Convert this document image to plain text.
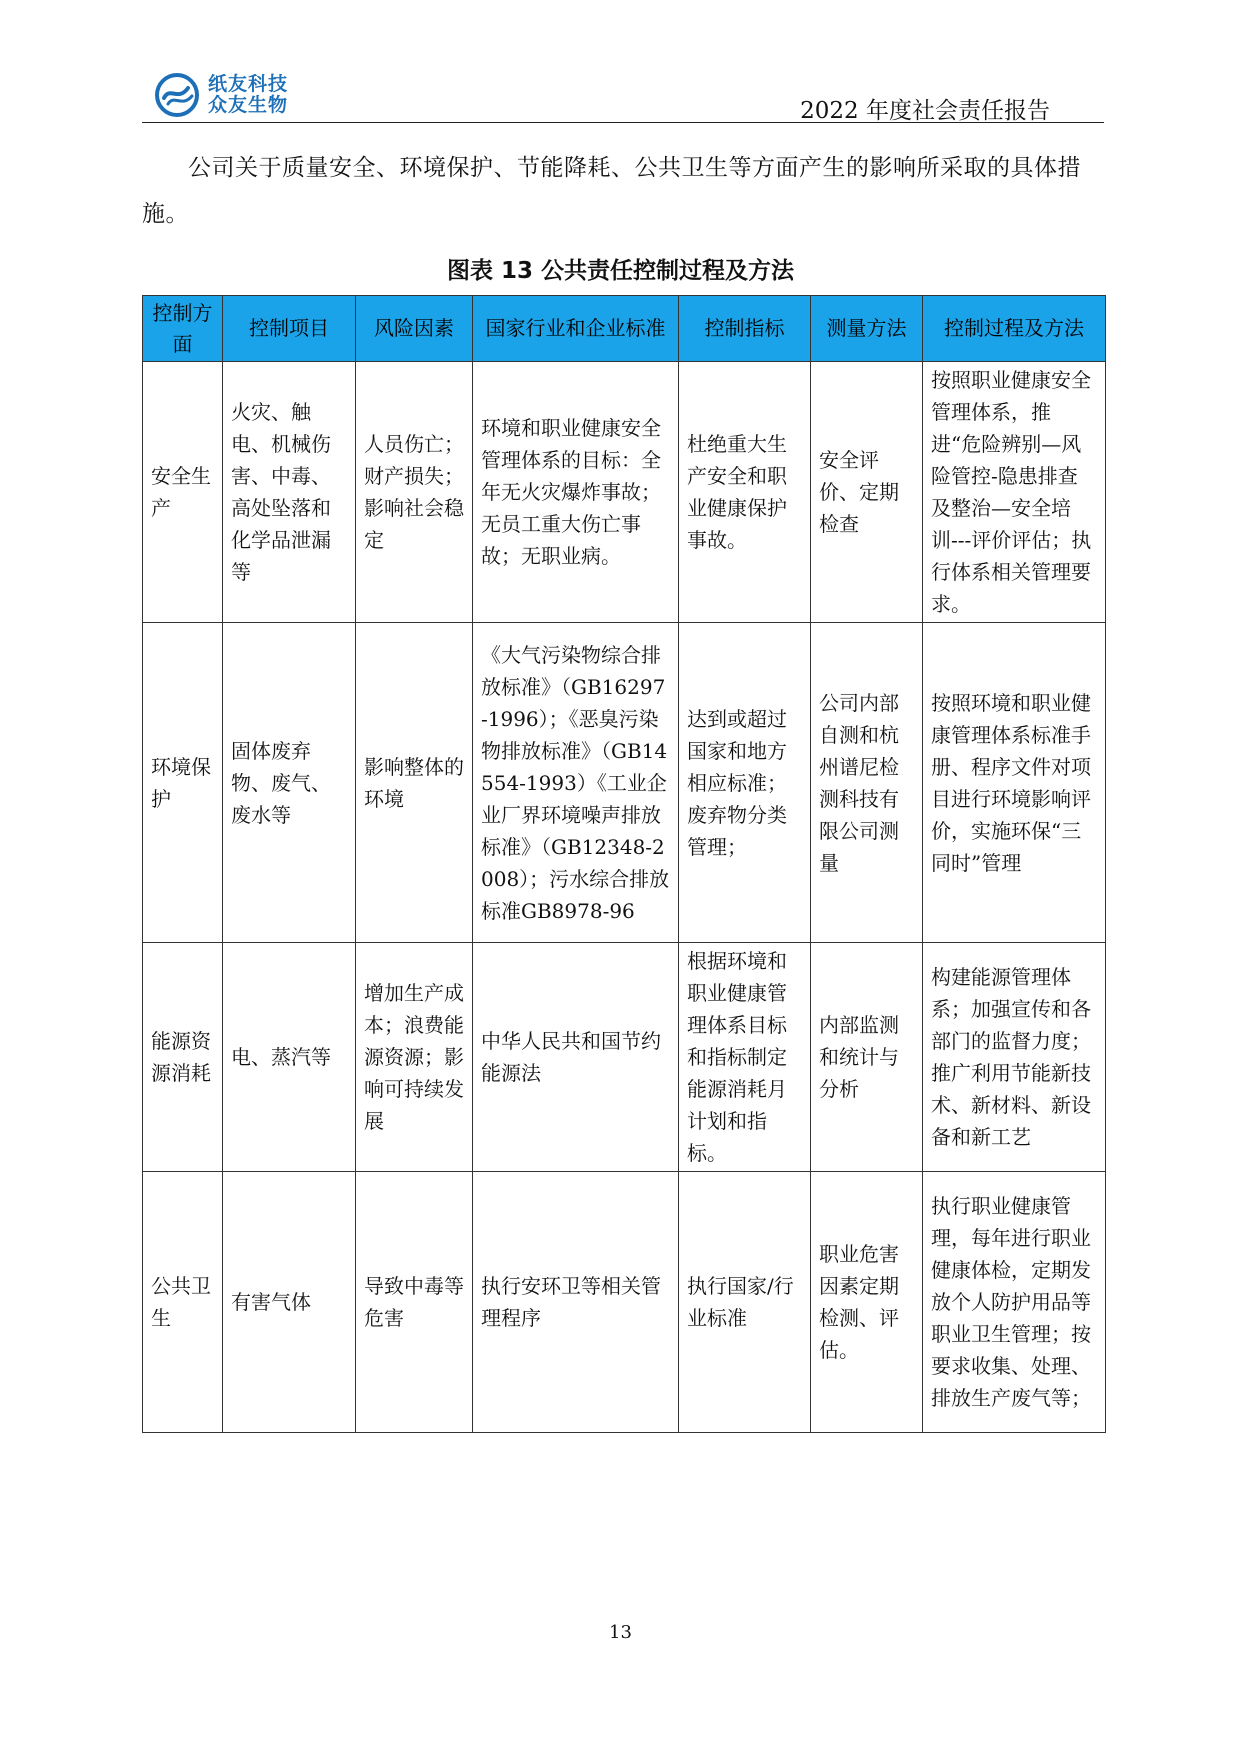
纸友科技
众友生物	2022 年度社会责任报告

公司关于质量安全、环境保护、节能降耗、公共卫生等方面产生的影响所采取的具体措施。

图表 13 公共责任控制过程及方法
控制方面	控制项目	风险因素	国家行业和企业标准	控制指标	测量方法	控制过程及方法
安全生产	火灾、触电、机械伤害、中毒、高处坠落和化学品泄漏等	人员伤亡；财产损失；影响社会稳定	环境和职业健康安全管理体系的目标：全年无火灾爆炸事故；无员工重大伤亡事故；无职业病。	杜绝重大生产安全和职业健康保护事故。	安全评价、定期检查	按照职业健康安全管理体系，推进“危险辨别—风险管控-隐患排查及整治—安全培训---评价评估；执行体系相关管理要求。
环境保护	固体废弃物、废气、废水等	影响整体的环境	《大气污染物综合排放标准》（GB16297-1996）；《恶臭污染物排放标准》（GB14554-1993）《工业企业厂界环境噪声排放标准》（GB12348-2008）；污水综合排放标准GB8978-96	达到或超过国家和地方相应标准；废弃物分类管理；	公司内部自测和杭州谱尼检测科技有限公司测量	按照环境和职业健康管理体系标准手册、程序文件对项目进行环境影响评价，实施环保“三同时”管理
能源资源消耗	电、蒸汽等	增加生产成本；浪费能源资源；影响可持续发展	中华人民共和国节约能源法	根据环境和职业健康管理体系目标和指标制定能源消耗月计划和指标。	内部监测和统计与分析	构建能源管理体系；加强宣传和各部门的监督力度；推广利用节能新技术、新材料、新设备和新工艺
公共卫生	有害气体	导致中毒等危害	执行安环卫等相关管理程序	执行国家/行业标准	职业危害因素定期检测、评估。	执行职业健康管理，每年进行职业健康体检，定期发放个人防护用品等职业卫生管理；按要求收集、处理、排放生产废气等；
13
